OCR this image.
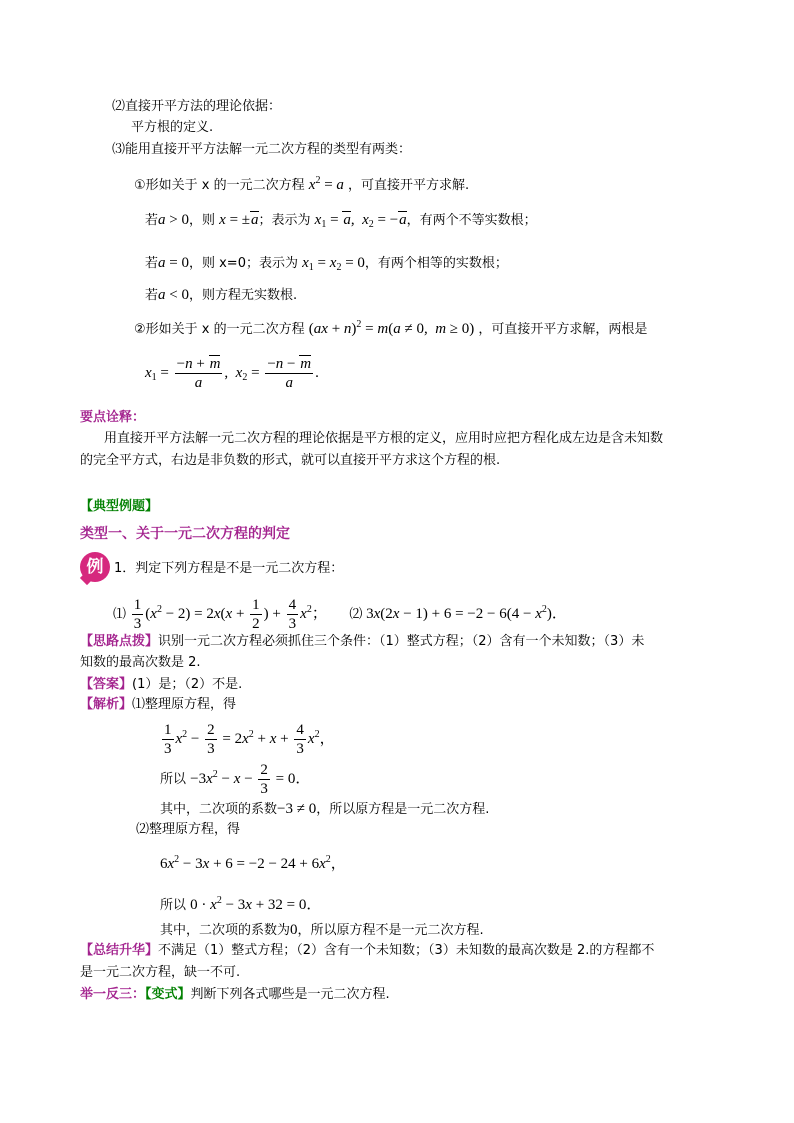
⑵直接开平方法的理论依据：
平方根的定义.
⑶能用直接开平方法解一元二次方程的类型有两类：
①形如关于 x 的一元二次方程 $x^2 = a$ ，可直接开平方求解.
若a > 0，则 x = ±a；表示为 $x_1 = a$,  $x_2 = -a$，有两个不等实数根；
若a = 0，则 x=0；表示为 $x_1 = x_2 = 0$，有两个相等的实数根；
若a < 0，则方程无实数根.
②形如关于 x 的一元二次方程 (ax + n)$^2$ = m(a ≠ 0,  m ≥ 0) ，可直接开平方求解，两根是
$x_1 = \frac{-n + m}{a}$ ,  $x_2 = \frac{-n - m}{a}$ .
要点诠释：
用直接开平方法解一元二次方程的理论依据是平方根的定义，应用时应把方程化成左边是含未知数
的完全平方式，右边是非负数的形式，就可以直接开平方求这个方程的根.
【典型例题】
类型一、关于一元二次方程的判定
例 1．判定下列方程是不是一元二次方程：
⑴ $\frac{1}{3} (x^2 - 2) = 2x(x + \frac{1}{2}$ ) + $\frac{4}{3} x^2$；      ⑵ $3x(2x - 1) + 6 = -2 - 6(4 - x^2)$．
【思路点拨】识别一元二次方程必须抓住三个条件：（1）整式方程；（2）含有一个未知数；（3）未
知数的最高次数是 2.
【答案】(1）是；（2）不是.
【解析】⑴整理原方程，得
$\frac{1}{3} x^2 - \frac{2}{3} = 2x^2 + x + \frac{4}{3} x^2$，
所以 $-3x^2 - x - \frac{2}{3} = 0$．
其中，二次项的系数−3 ≠ 0，所以原方程是一元二次方程.
⑵整理原方程，得
$6x^2 - 3x + 6 = -2 - 24 + 6x^2$，
所以 $0 \cdot x^2 - 3x + 32 = 0$．
其中，二次项的系数为0，所以原方程不是一元二次方程.
【总结升华】不满足（1）整式方程；（2）含有一个未知数；（3）未知数的最高次数是 2.的方程都不
是一元二次方程，缺一不可.
举一反三：【变式】判断下列各式哪些是一元二次方程.
